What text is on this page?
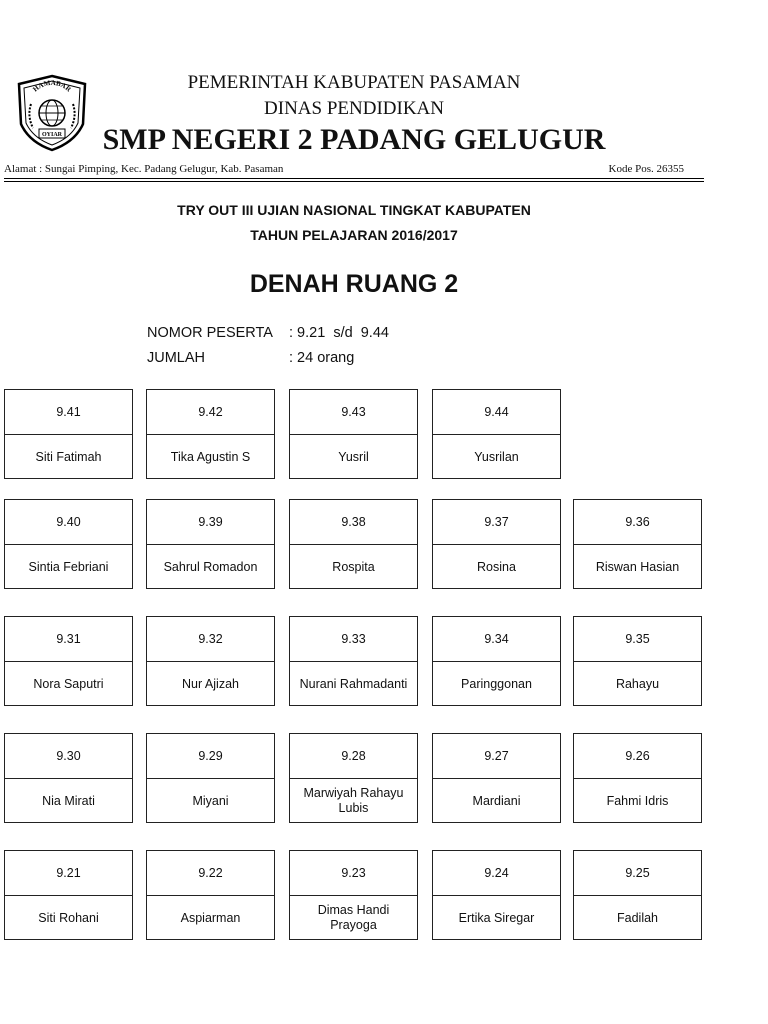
HAMABAR
OYIAR
PEMERINTAH KABUPATEN PASAMAN
DINAS PENDIDIKAN
SMP NEGERI 2 PADANG GELUGUR
Alamat : Sungai Pimping, Kec. Padang Gelugur, Kab. Pasaman	Kode Pos. 26355
TRY OUT III UJIAN NASIONAL TINGKAT KABUPATEN
TAHUN PELAJARAN 2016/2017
DENAH RUANG 2
NOMOR PESERTA : 9.21  s/d  9.44
JUMLAH	: 24 orang
9.41
Siti Fatimah
9.42
Tika Agustin S
9.43
Yusril
9.44
Yusrilan
9.40
Sintia Febriani
9.39
Sahrul Romadon
9.38
Rospita
9.37
Rosina
9.36
Riswan Hasian
9.31
Nora Saputri
9.32
Nur Ajizah
9.33
Nurani Rahmadanti
9.34
Paringgonan
9.35
Rahayu
9.30
Nia Mirati
9.29
Miyani
9.28
Marwiyah Rahayu Lubis
9.27
Mardiani
9.26
Fahmi Idris
9.21
Siti Rohani
9.22
Aspiarman
9.23
Dimas Handi Prayoga
9.24
Ertika Siregar
9.25
Fadilah
